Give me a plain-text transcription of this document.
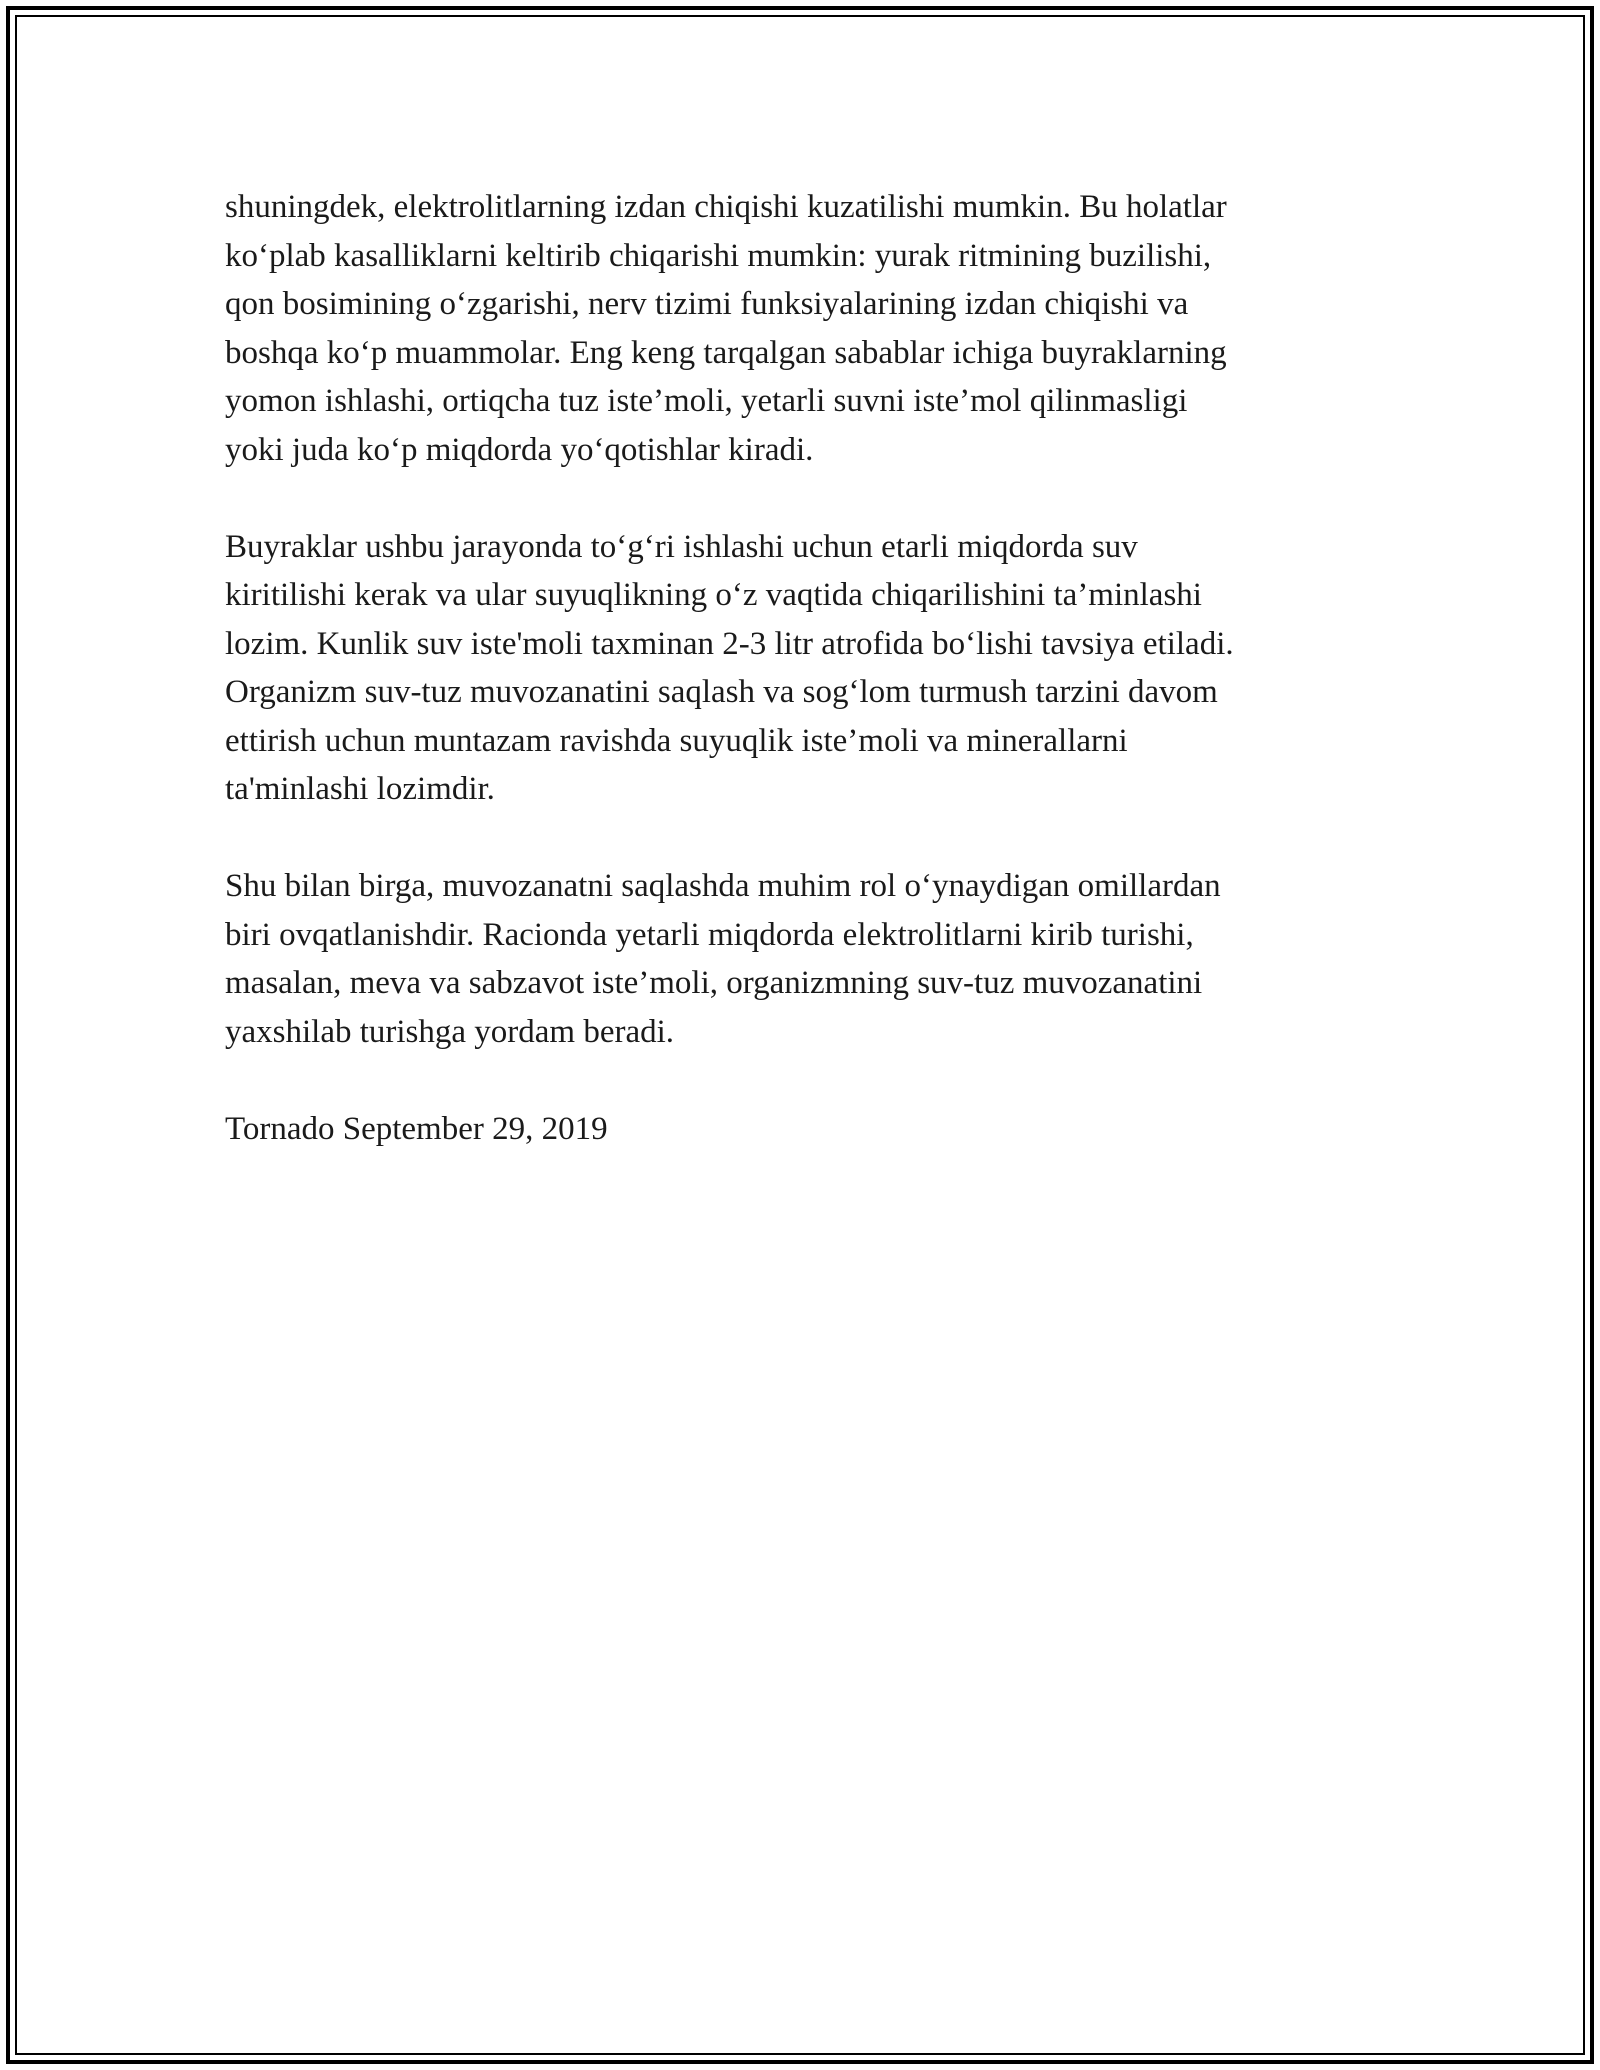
shuningdek, elektrolitlarning izdan chiqishi kuzatilishi mumkin. Bu holatlar
ko‘plab kasalliklarni keltirib chiqarishi mumkin: yurak ritmining buzilishi,
qon bosimining o‘zgarishi, nerv tizimi funksiyalarining izdan chiqishi va
boshqa ko‘p muammolar. Eng keng tarqalgan sabablar ichiga buyraklarning
yomon ishlashi, ortiqcha tuz iste’moli, yetarli suvni iste’mol qilinmasligi
yoki juda ko‘p miqdorda yo‘qotishlar kiradi.
Buyraklar ushbu jarayonda to‘g‘ri ishlashi uchun etarli miqdorda suv
kiritilishi kerak va ular suyuqlikning o‘z vaqtida chiqarilishini ta’minlashi
lozim. Kunlik suv iste'moli taxminan 2-3 litr atrofida bo‘lishi tavsiya etiladi.
Organizm suv-tuz muvozanatini saqlash va sog‘lom turmush tarzini davom
ettirish uchun muntazam ravishda suyuqlik iste’moli va minerallarni
ta'minlashi lozimdir.
Shu bilan birga, muvozanatni saqlashda muhim rol o‘ynaydigan omillardan
biri ovqatlanishdir. Racionda yetarli miqdorda elektrolitlarni kirib turishi,
masalan, meva va sabzavot iste’moli, organizmning suv-tuz muvozanatini
yaxshilab turishga yordam beradi.

Tornado September 29, 2019
